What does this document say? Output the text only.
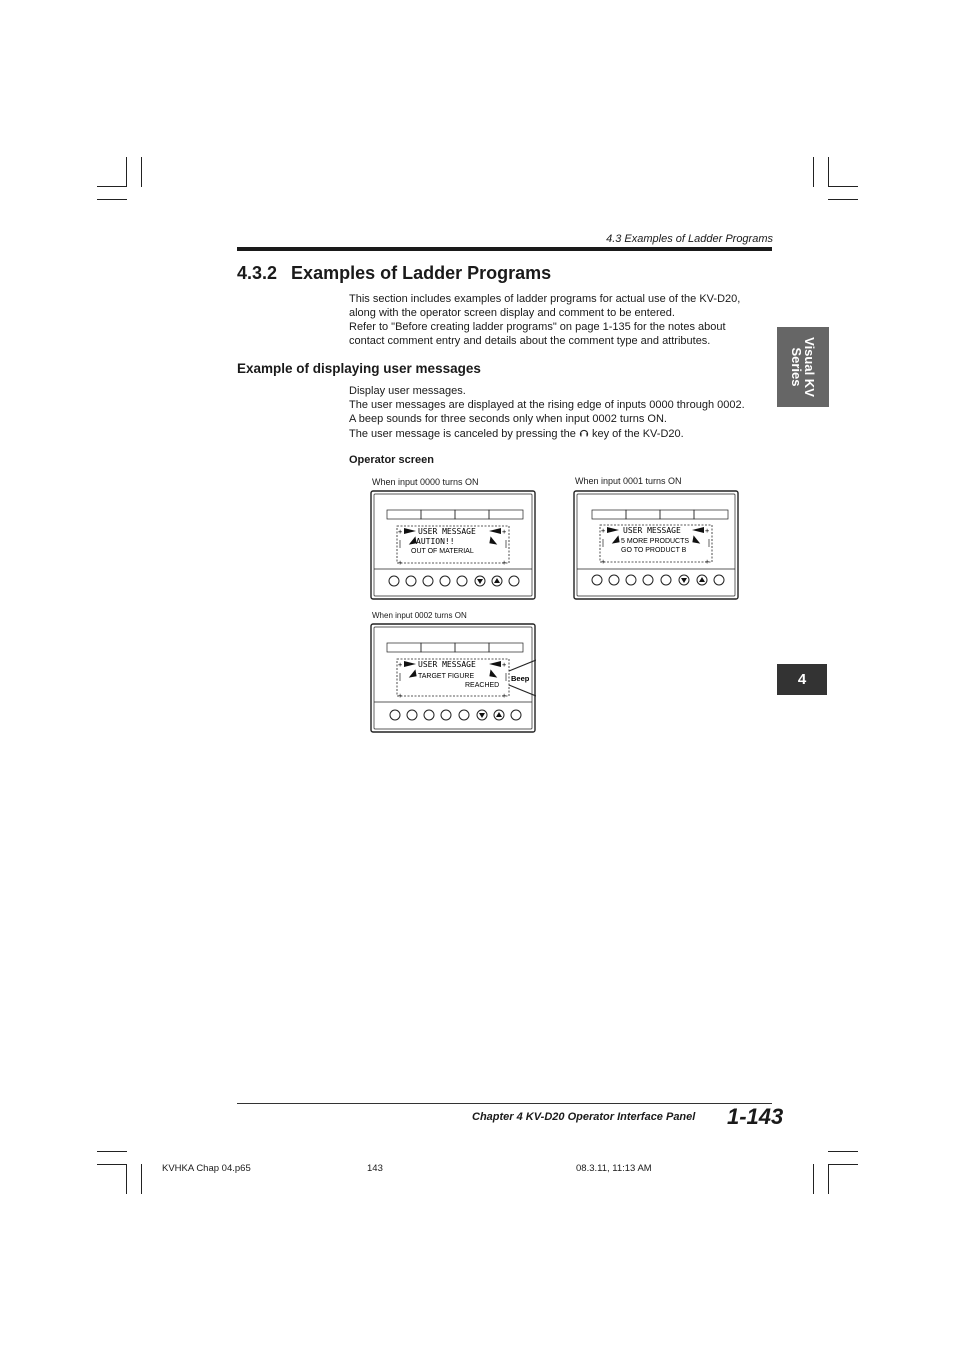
4.3 Examples of Ladder Programs
4.3.2 Examples of Ladder Programs
This section includes examples of ladder programs for actual use of the KV-D20,
along with the operator screen display and comment to be entered.
Refer to "Before creating ladder programs" on page 1-135 for the notes about
contact comment entry and details about the comment type and attributes.
Example of displaying user messages
Display user messages.
The user messages are displayed at the rising edge of inputs 0000 through 0002.
A beep sounds for three seconds only when input 0002 turns ON.
The user message is canceled by pressing the key of the KV-D20.
Operator screen
When input 0000 turns ON	When input 0001 turns ON
When input 0002 turns ON
+	+
+	+
USER MESSAGE
AUTION!!
OUT OF MATERIAL
+	+
+	+
USER MESSAGE
5 MORE PRODUCTS
GO TO PRODUCT B
+	+
+	+
USER MESSAGE
TARGET FIGURE
REACHED
Beep
Visual KV
Series
4
Chapter 4 KV-D20 Operator Interface Panel 1-143
KVHKA Chap 04.p65	143	08.3.11, 11:13 AM
